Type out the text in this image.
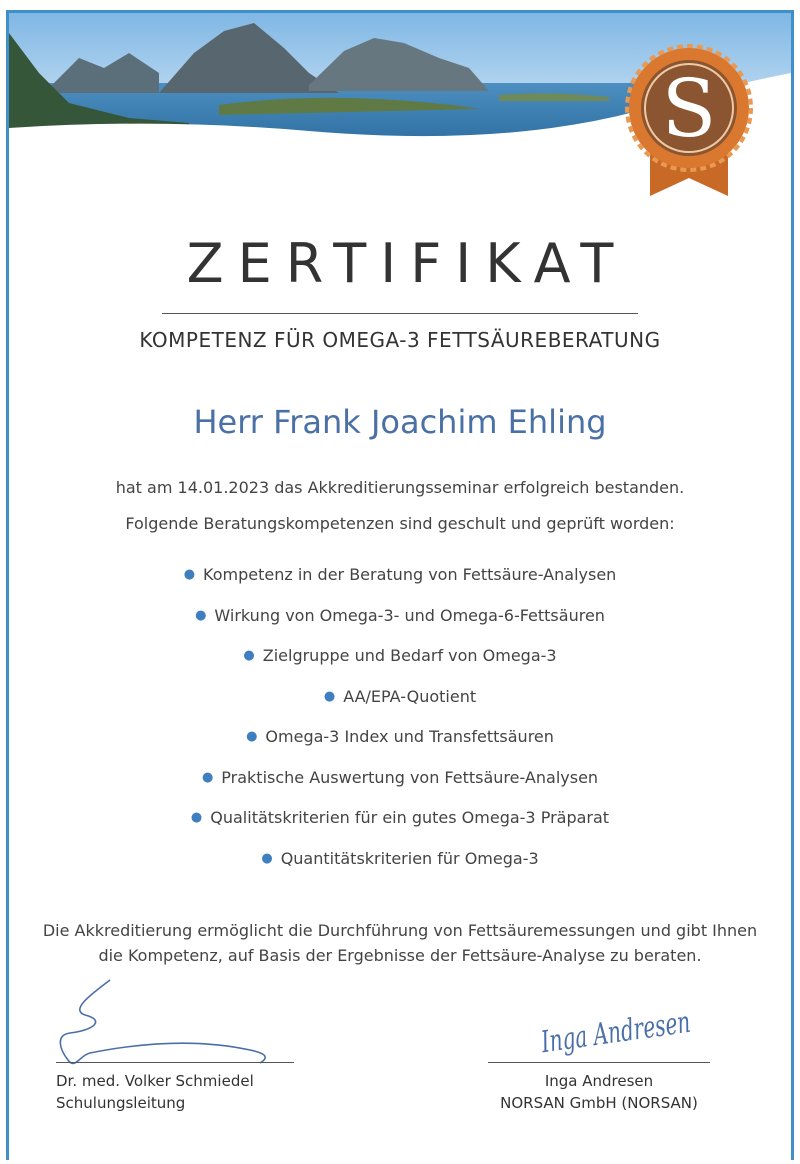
S
ZERTIFIKAT
KOMPETENZ FÜR OMEGA-3 FETTSÄUREBERATUNG
Herr Frank Joachim Ehling
hat am 14.01.2023 das Akkreditierungsseminar erfolgreich bestanden.
Folgende Beratungskompetenzen sind geschult und geprüft worden:
● Kompetenz in der Beratung von Fettsäure-Analysen
● Wirkung von Omega-3- und Omega-6-Fettsäuren
● Zielgruppe und Bedarf von Omega-3
● AA/EPA-Quotient
● Omega-3 Index und Transfettsäuren
● Praktische Auswertung von Fettsäure-Analysen
● Qualitätskriterien für ein gutes Omega-3 Präparat
● Quantitätskriterien für Omega-3
Die Akkreditierung ermöglicht die Durchführung von Fettsäuremessungen und gibt Ihnen
die Kompetenz, auf Basis der Ergebnisse der Fettsäure-Analyse zu beraten.
Dr. med. Volker Schmiedel
Schulungsleitung
Inga Andresen
Inga Andresen
NORSAN GmbH (NORSAN)
